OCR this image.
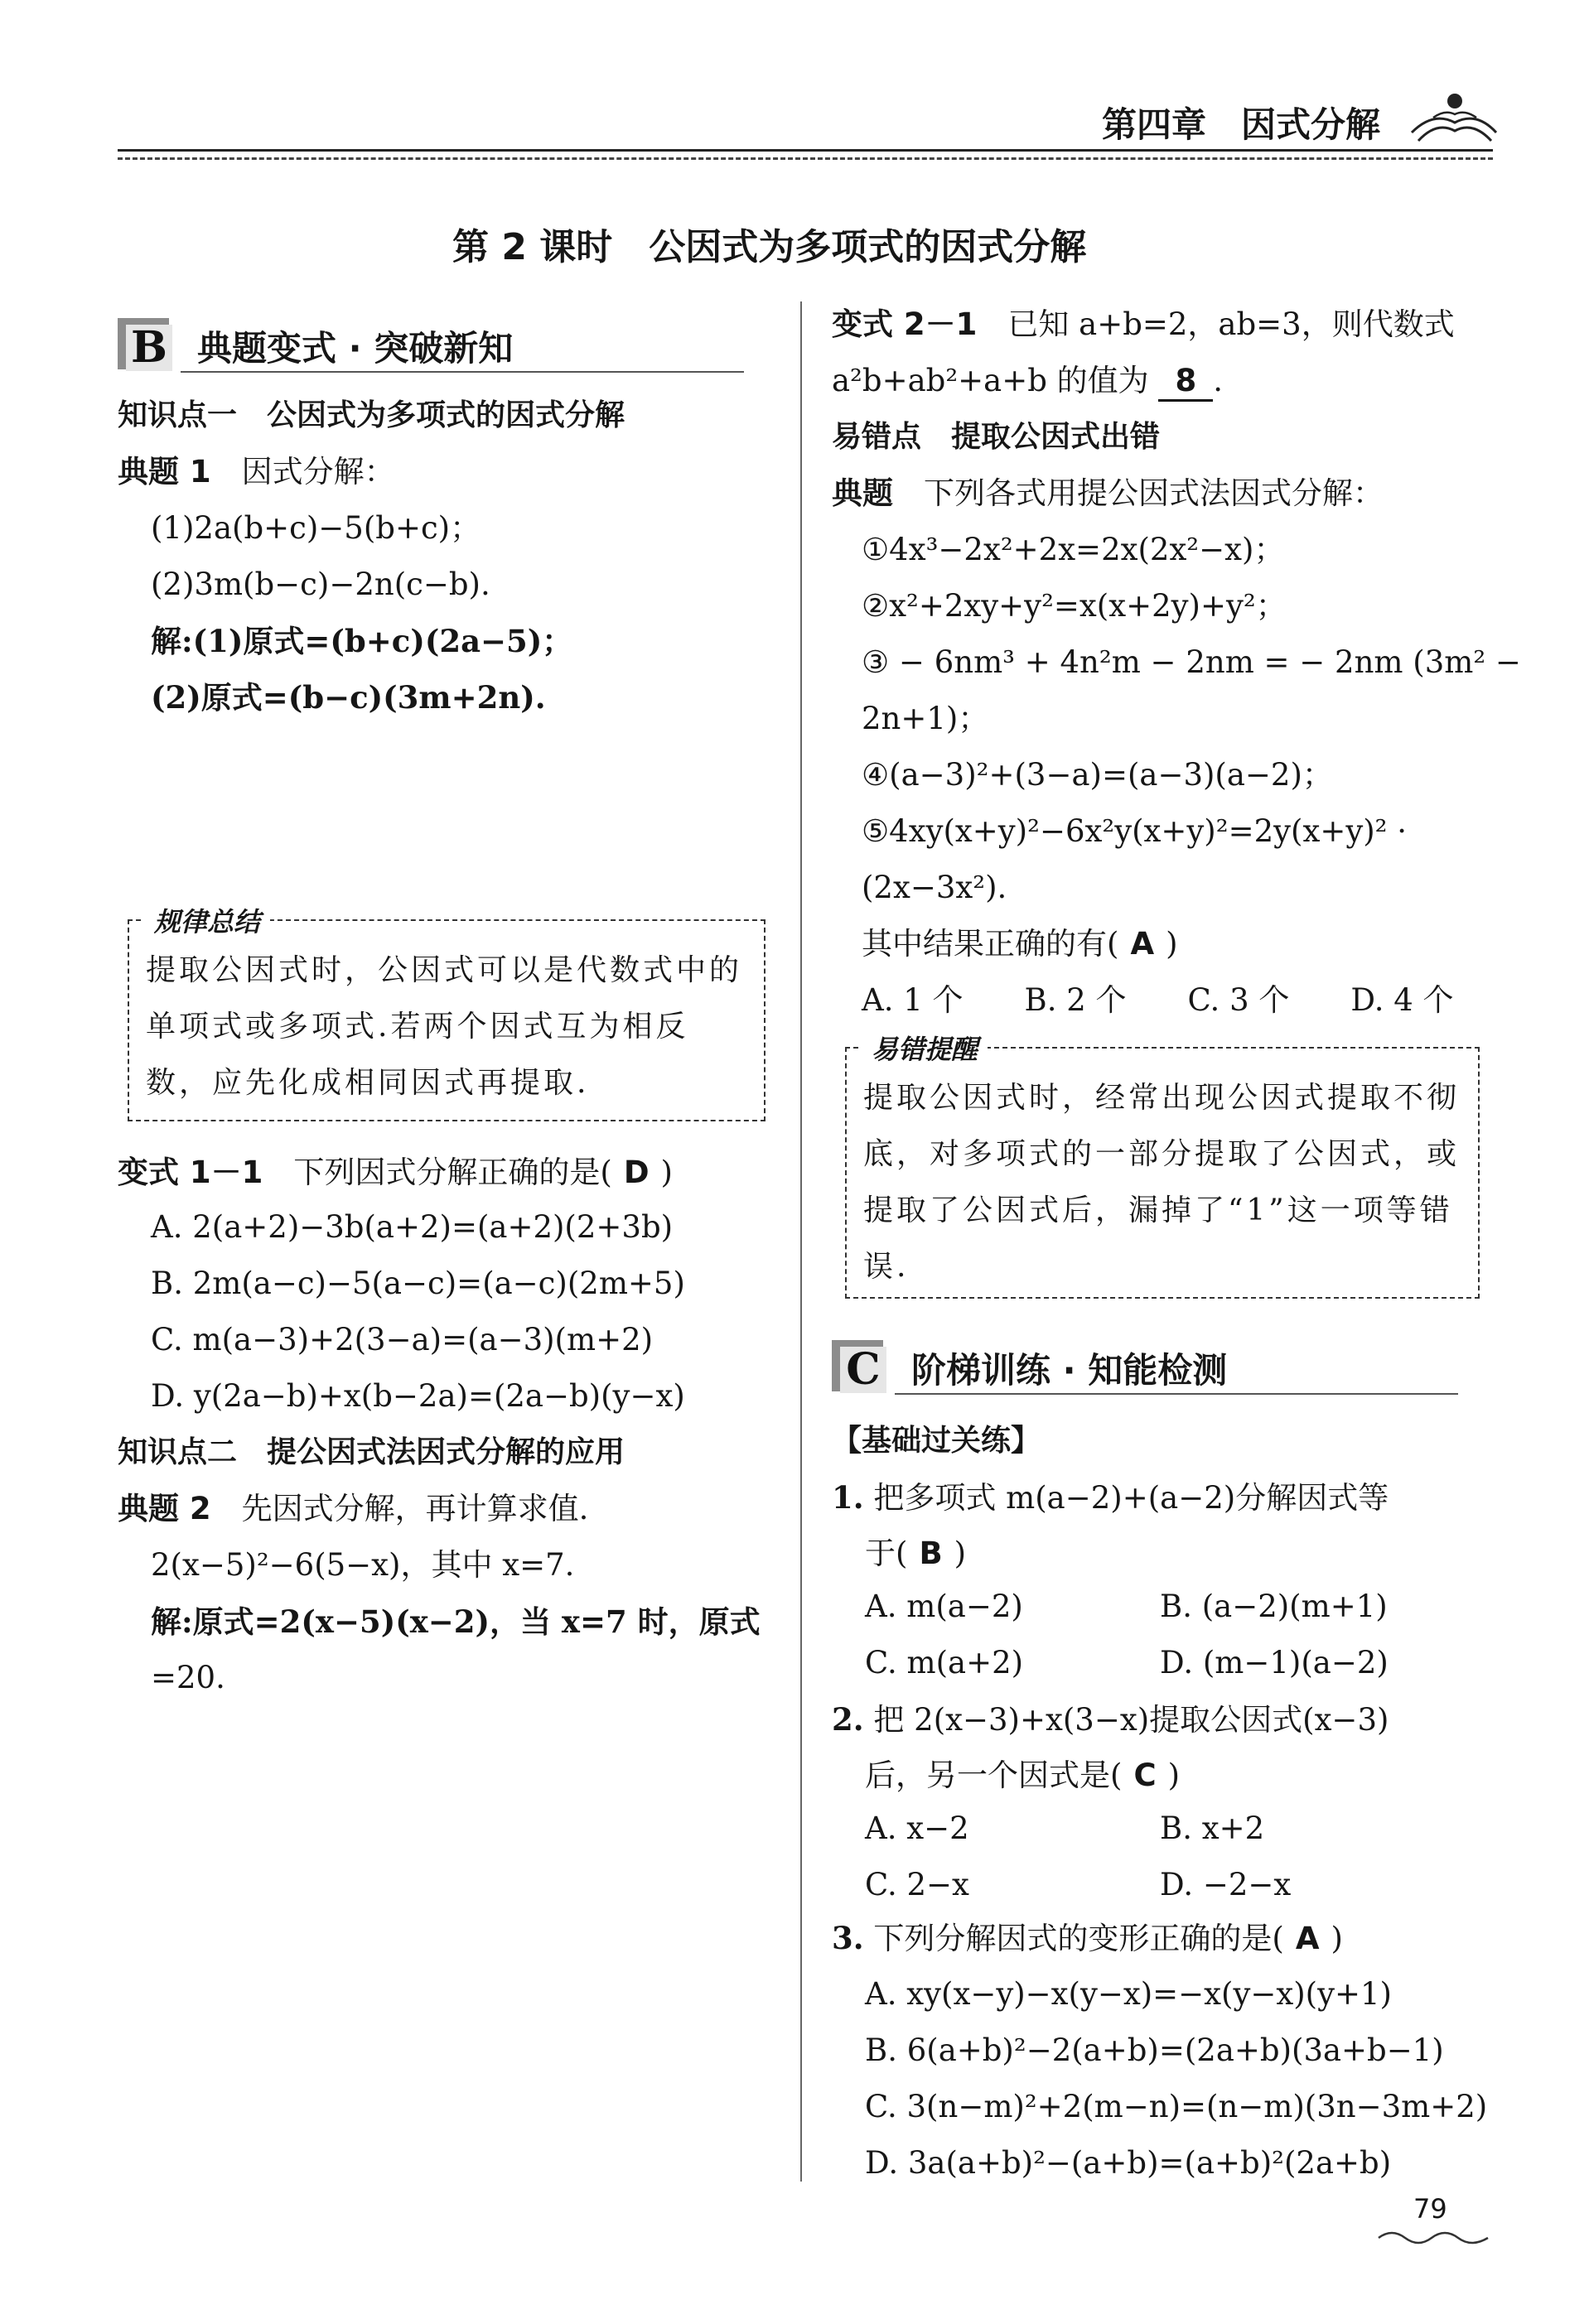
第四章　因式分解
第 2 课时　公因式为多项式的因式分解
B 典题变式 · 突破新知
知识点一　公因式为多项式的因式分解
典题 1　 因式分解：
(1)2a(b+c)−5(b+c)；
(2)3m(b−c)−2n(c−b).
解:(1)原式=(b+c)(2a−5)；
(2)原式=(b−c)(3m+2n).
规律总结
提取公因式时，公因式可以是代数式中的单项式或多项式.若两个因式互为相反数，应先化成相同因式再提取.
变式 1－1　 下列因式分解正确的是( D )
A. 2(a+2)−3b(a+2)=(a+2)(2+3b)
B. 2m(a−c)−5(a−c)=(a−c)(2m+5)
C. m(a−3)+2(3−a)=(a−3)(m+2)
D. y(2a−b)+x(b−2a)=(2a−b)(y−x)
知识点二　提公因式法因式分解的应用
典题 2　 先因式分解，再计算求值.
2(x−5)²−6(5−x)，其中 x=7.
解:原式=2(x−5)(x−2)，当 x=7 时，原式
=20.
变式 2－1　 已知 a+b=2，ab=3，则代数式
a²b+ab²+a+b 的值为 8 .
易错点　提取公因式出错
典题　 下列各式用提公因式法因式分解：
①4x³−2x²+2x=2x(2x²−x)；
②x²+2xy+y²=x(x+2y)+y²；
③ − 6nm³ + 4n²m − 2nm = − 2nm (3m² −
2n+1)；
④(a−3)²+(3−a)=(a−3)(a−2)；
⑤4xy(x+y)²−6x²y(x+y)²=2y(x+y)² ·
(2x−3x²).
其中结果正确的有( A )
A. 1 个　　B. 2 个　　C. 3 个　　D. 4 个
易错提醒
提取公因式时，经常出现公因式提取不彻底，对多项式的一部分提取了公因式，或提取了公因式后，漏掉了“1”这一项等错误.
C 阶梯训练 · 知能检测
【基础过关练】
1. 把多项式 m(a−2)+(a−2)分解因式等
于( B )
A. m(a−2)	B. (a−2)(m+1)
C. m(a+2)	D. (m−1)(a−2)
2. 把 2(x−3)+x(3−x)提取公因式(x−3)
后，另一个因式是( C )
A. x−2	B. x+2
C. 2−x	D. −2−x
3. 下列分解因式的变形正确的是( A )
A. xy(x−y)−x(y−x)=−x(y−x)(y+1)
B. 6(a+b)²−2(a+b)=(2a+b)(3a+b−1)
C. 3(n−m)²+2(m−n)=(n−m)(3n−3m+2)
D. 3a(a+b)²−(a+b)=(a+b)²(2a+b)
79
